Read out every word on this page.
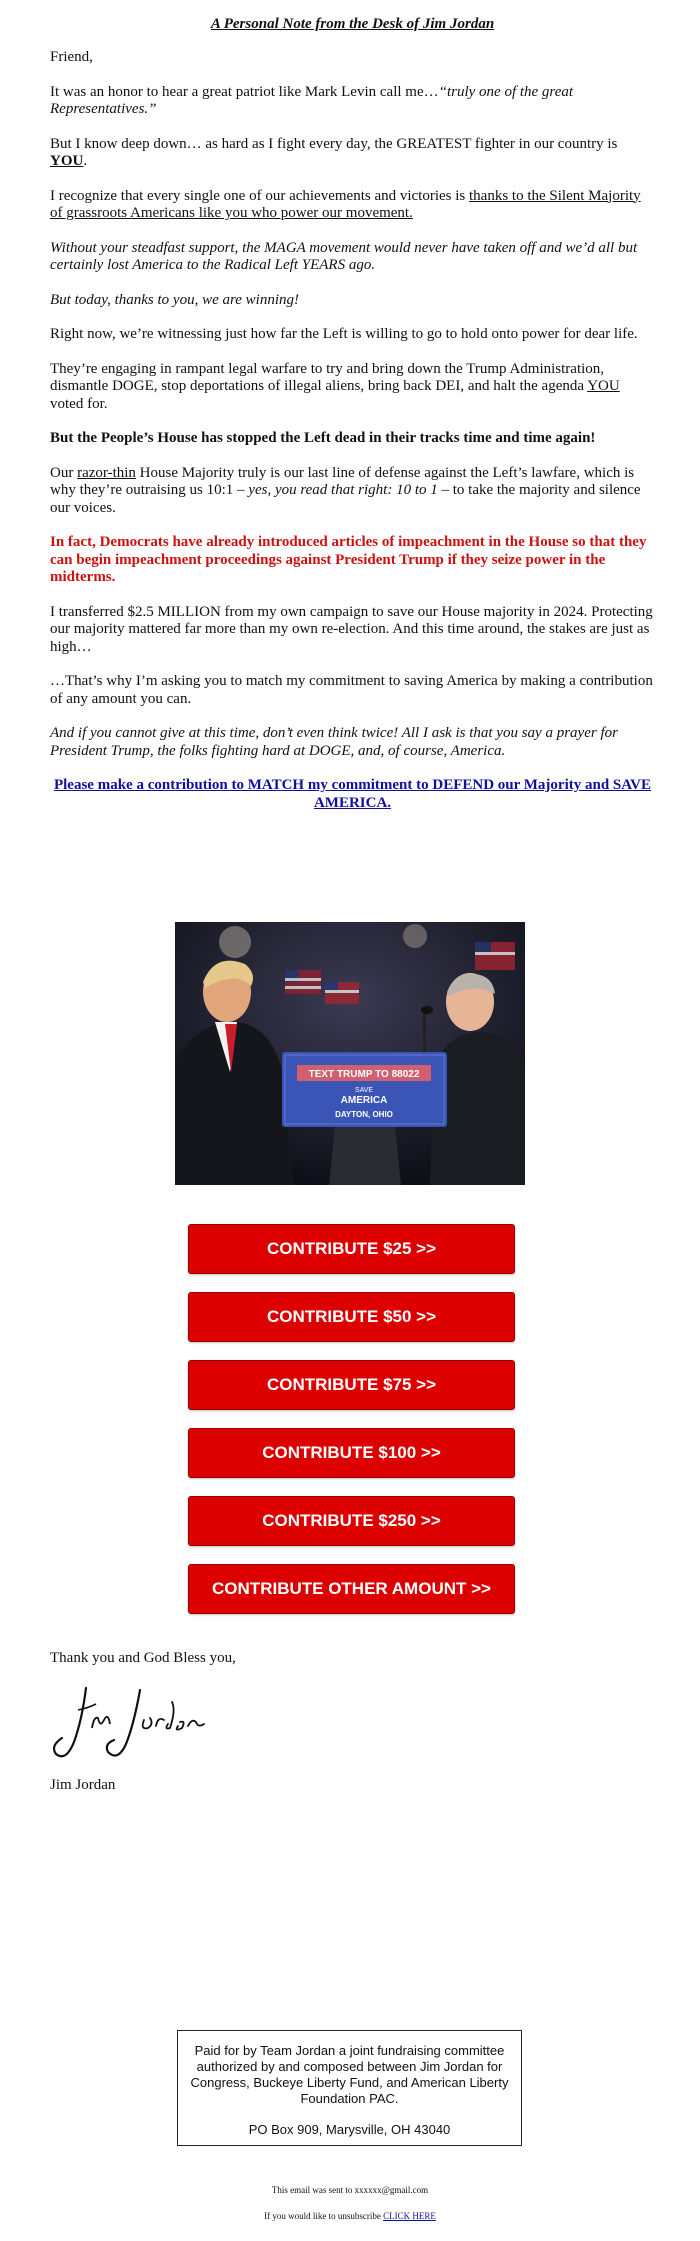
A Personal Note from the Desk of Jim Jordan

Friend,

It was an honor to hear a great patriot like Mark Levin call me…“truly one of the great Representatives.”

But I know deep down… as hard as I fight every day, the GREATEST fighter in our country is YOU.

I recognize that every single one of our achievements and victories is thanks to the Silent Majority of grassroots Americans like you who power our movement.

Without your steadfast support, the MAGA movement would never have taken off and we’d all but certainly lost America to the Radical Left YEARS ago.

But today, thanks to you, we are winning!

Right now, we’re witnessing just how far the Left is willing to go to hold onto power for dear life.

They’re engaging in rampant legal warfare to try and bring down the Trump Administration, dismantle DOGE, stop deportations of illegal aliens, bring back DEI, and halt the agenda YOU voted for.

But the People’s House has stopped the Left dead in their tracks time and time again!

Our razor-thin House Majority truly is our last line of defense against the Left’s lawfare, which is why they’re outraising us 10:1 – yes, you read that right: 10 to 1 – to take the majority and silence our voices.

In fact, Democrats have already introduced articles of impeachment in the House so that they can begin impeachment proceedings against President Trump if they seize power in the midterms.

I transferred $2.5 MILLION from my own campaign to save our House majority in 2024. Protecting our majority mattered far more than my own re-election. And this time around, the stakes are just as high…

…That’s why I’m asking you to match my commitment to saving America by making a contribution of any amount you can.

And if you cannot give at this time, don’t even think twice! All I ask is that you say a prayer for President Trump, the folks fighting hard at DOGE, and, of course, America.

Please make a contribution to MATCH my commitment to DEFEND our Majority and SAVE AMERICA.
TEXT TRUMP TO 88022
SAVE
AMERICA
DAYTON, OHIO
CONTRIBUTE $25 >>
CONTRIBUTE $50 >>
CONTRIBUTE $75 >>
CONTRIBUTE $100 >>
CONTRIBUTE $250 >>
CONTRIBUTE OTHER AMOUNT >>

Thank you and God Bless you,

Jim Jordan

Paid for by Team Jordan a joint fundraising committee authorized by and composed between Jim Jordan for Congress, Buckeye Liberty Fund, and American Liberty Foundation PAC.

PO Box 909, Marysville, OH 43040

This email was sent to xxxxxx@gmail.com

If you would like to unsubscribe CLICK HERE
